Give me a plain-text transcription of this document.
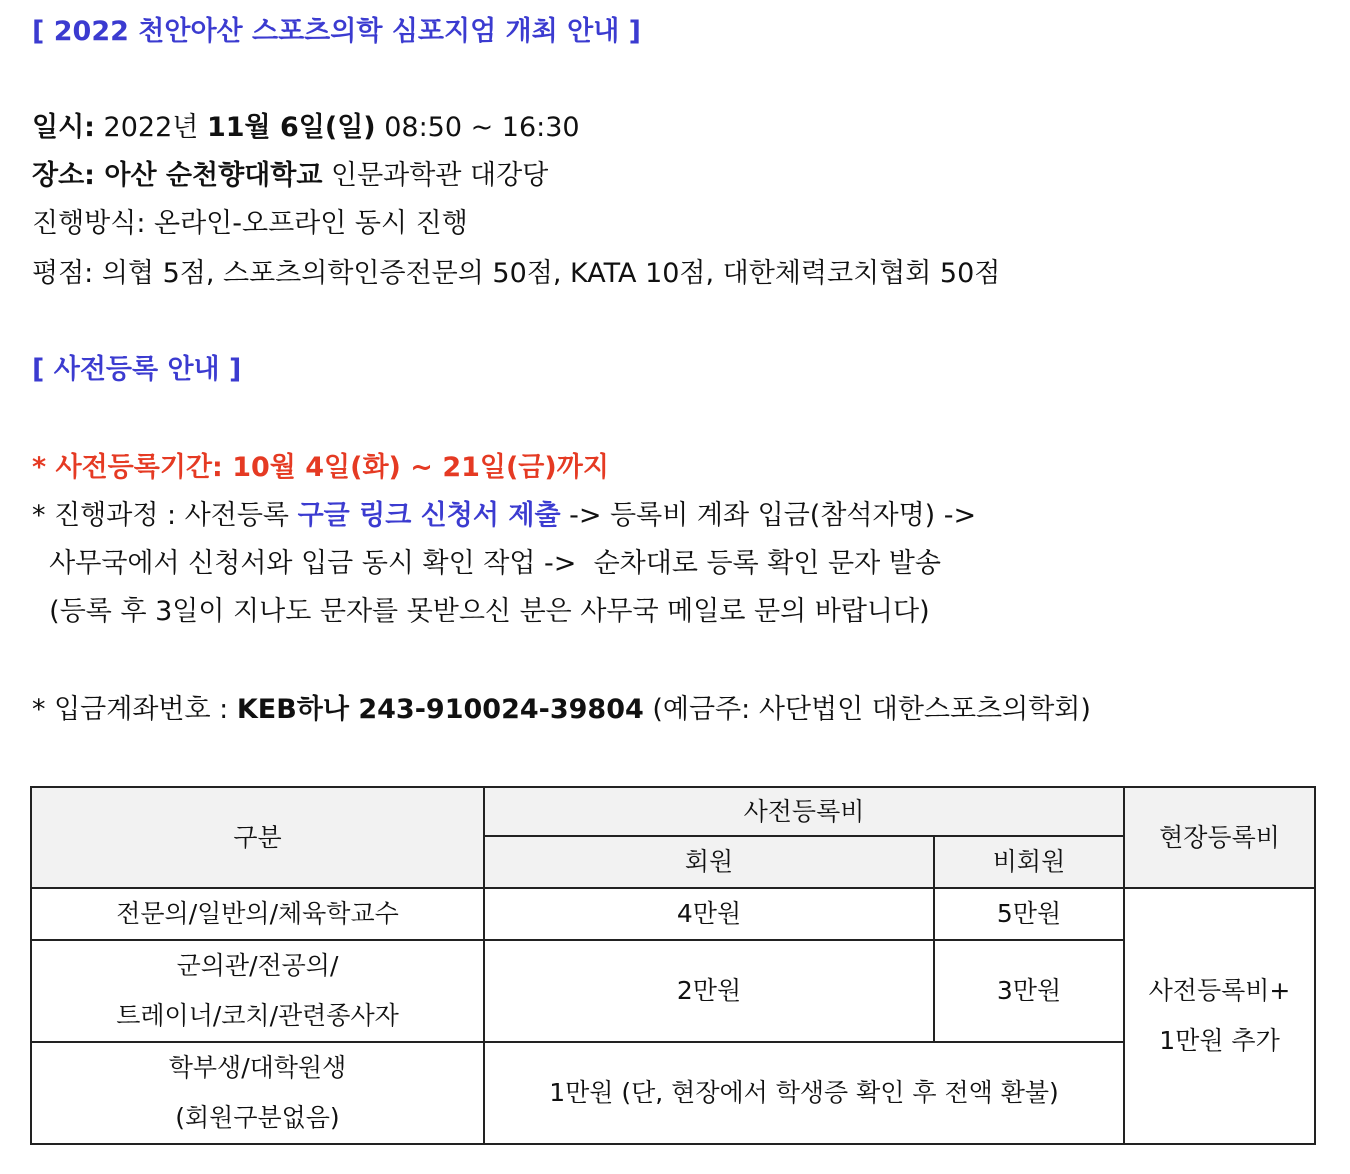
[ 2022 천안아산 스포츠의학 심포지엄 개최 안내 ]
일시: 2022년 11월 6일(일) 08:50 ~ 16:30
장소: 아산 순천향대학교 인문과학관 대강당
진행방식: 온라인-오프라인 동시 진행
평점: 의협 5점, 스포츠의학인증전문의 50점, KATA 10점, 대한체력코치협회 50점
[ 사전등록 안내 ]
* 사전등록기간: 10월 4일(화) ~ 21일(금)까지
* 진행과정 : 사전등록 구글 링크 신청서 제출 -> 등록비 계좌 입금(참석자명) ->
사무국에서 신청서와 입금 동시 확인 작업 ->  순차대로 등록 확인 문자 발송
(등록 후 3일이 지나도 문자를 못받으신 분은 사무국 메일로 문의 바랍니다)
* 입금계좌번호 : KEB하나 243-910024-39804 (예금주: 사단법인 대한스포츠의학회)
구분	사전등록비		현장등록비
	회원	비회원	
전문의/일반의/체육학교수	4만원	5만원	사전등록비+
1만원 추가

군의관/전공의/
트레이너/코치/관련종사자	2만원	3만원	

학부생/대학원생
(회원구분없음)	1만원 (단, 현장에서 학생증 확인 후 전액 환불)		
